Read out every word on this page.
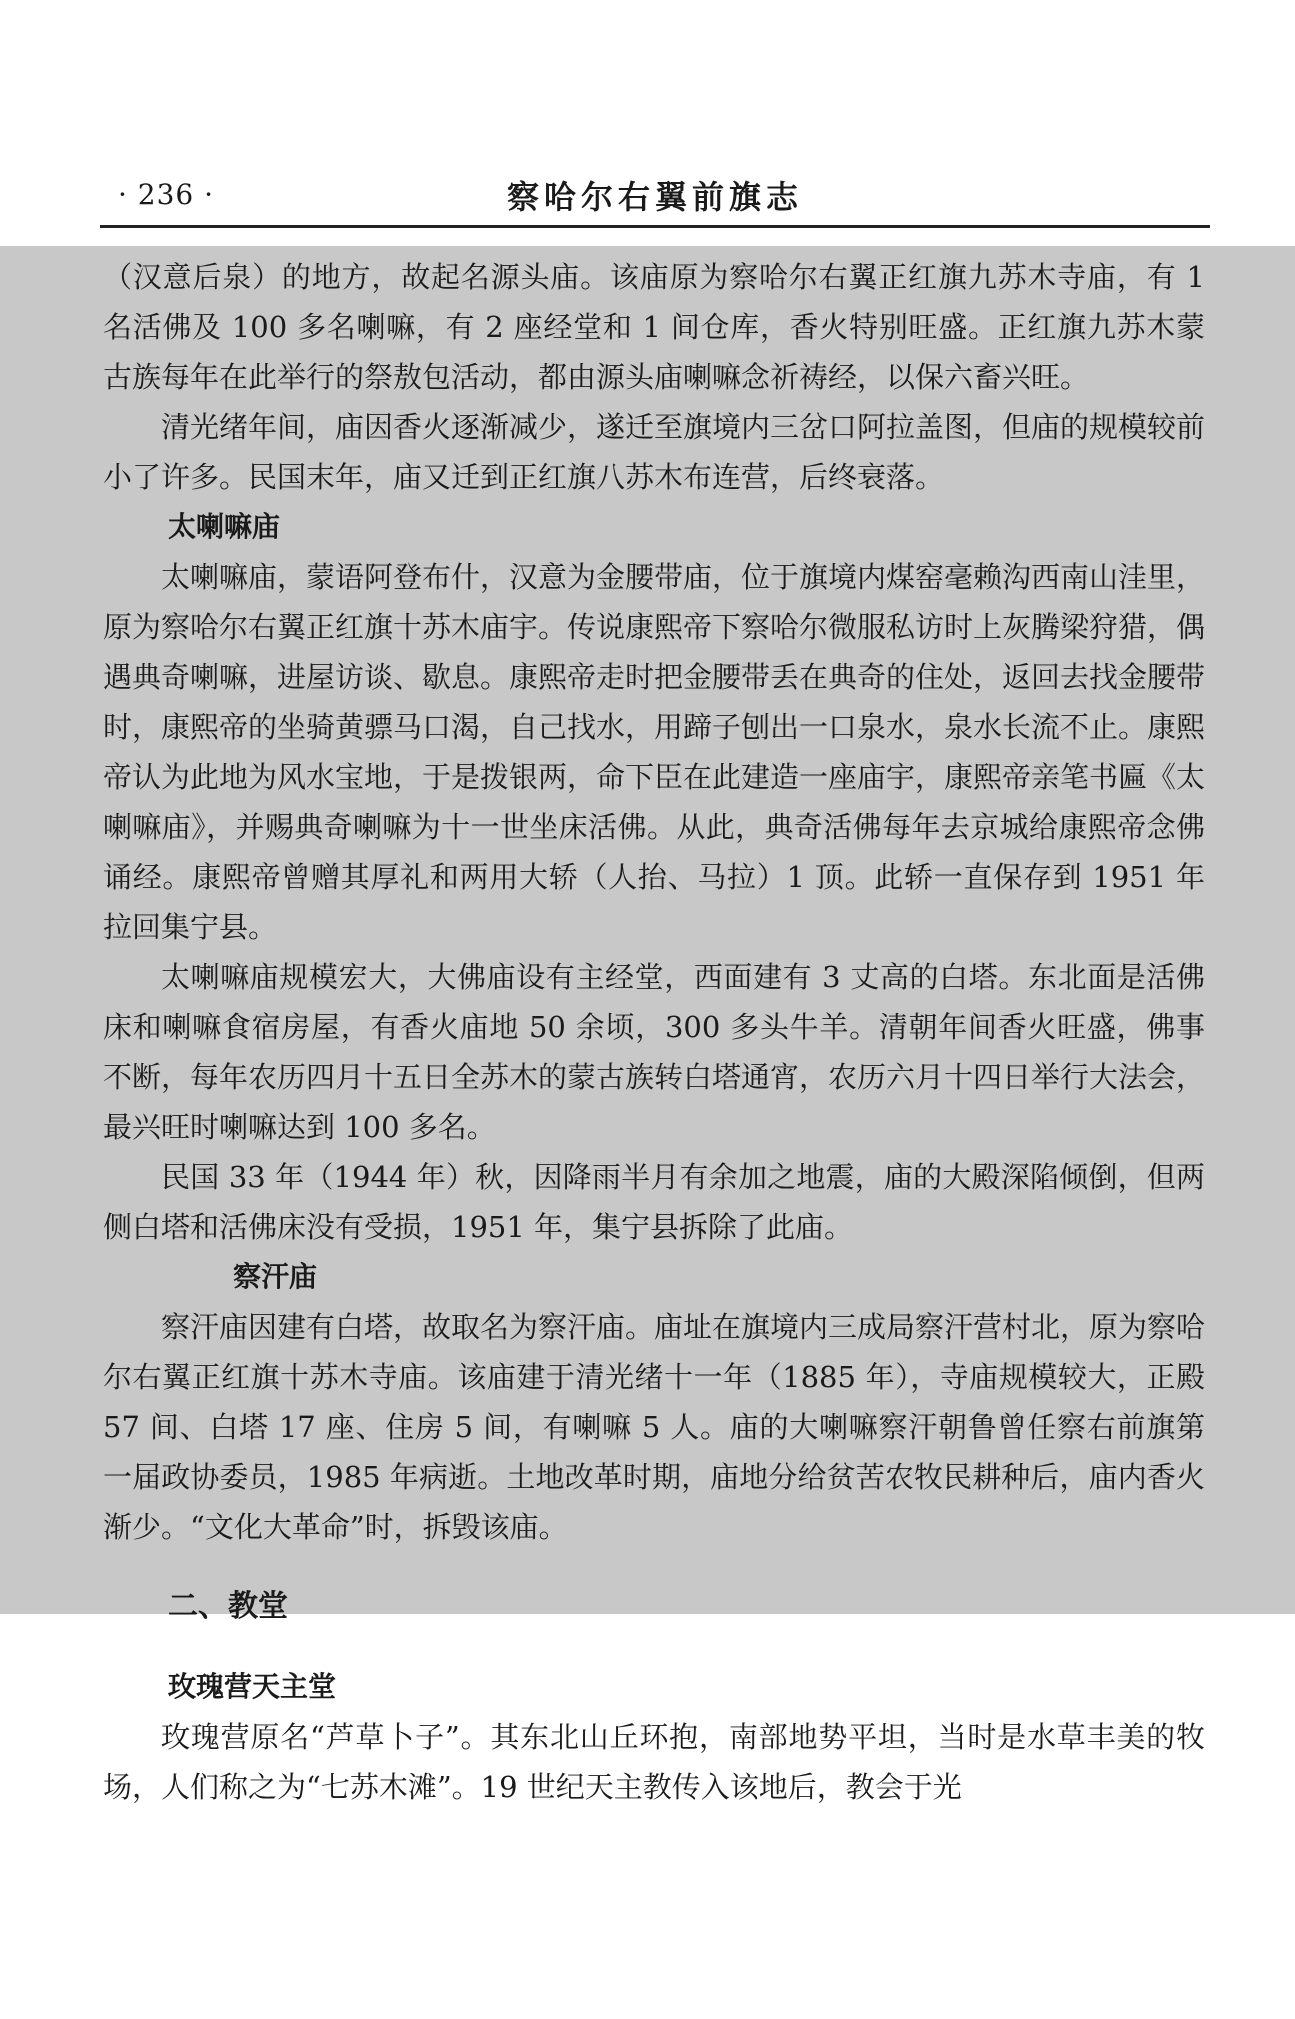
· 236 ·	察哈尔右翼前旗志

（汉意后泉）的地方，故起名源头庙。该庙原为察哈尔右翼正红旗九苏木寺庙，有 1 名活佛及 100 多名喇嘛，有 2 座经堂和 1 间仓库，香火特别旺盛。正红旗九苏木蒙古族每年在此举行的祭敖包活动，都由源头庙喇嘛念祈祷经，以保六畜兴旺。

清光绪年间，庙因香火逐渐减少，遂迁至旗境内三岔口阿拉盖图，但庙的规模较前小了许多。民国末年，庙又迁到正红旗八苏木布连营，后终衰落。

太喇嘛庙

太喇嘛庙，蒙语阿登布什，汉意为金腰带庙，位于旗境内煤窑毫赖沟西南山洼里，原为察哈尔右翼正红旗十苏木庙宇。传说康熙帝下察哈尔微服私访时上灰腾梁狩猎，偶遇典奇喇嘛，进屋访谈、歇息。康熙帝走时把金腰带丢在典奇的住处，返回去找金腰带时，康熙帝的坐骑黄骠马口渴，自己找水，用蹄子刨出一口泉水，泉水长流不止。康熙帝认为此地为风水宝地，于是拨银两，命下臣在此建造一座庙宇，康熙帝亲笔书匾《太喇嘛庙》，并赐典奇喇嘛为十一世坐床活佛。从此，典奇活佛每年去京城给康熙帝念佛诵经。康熙帝曾赠其厚礼和两用大轿（人抬、马拉）1 顶。此轿一直保存到 1951 年拉回集宁县。

太喇嘛庙规模宏大，大佛庙设有主经堂，西面建有 3 丈高的白塔。东北面是活佛床和喇嘛食宿房屋，有香火庙地 50 余顷，300 多头牛羊。清朝年间香火旺盛，佛事不断，每年农历四月十五日全苏木的蒙古族转白塔通宵，农历六月十四日举行大法会，最兴旺时喇嘛达到 100 多名。

民国 33 年（1944 年）秋，因降雨半月有余加之地震，庙的大殿深陷倾倒，但两侧白塔和活佛床没有受损，1951 年，集宁县拆除了此庙。

察汗庙

察汗庙因建有白塔，故取名为察汗庙。庙址在旗境内三成局察汗营村北，原为察哈尔右翼正红旗十苏木寺庙。该庙建于清光绪十一年（1885 年），寺庙规模较大，正殿 57 间、白塔 17 座、住房 5 间，有喇嘛 5 人。庙的大喇嘛察汗朝鲁曾任察右前旗第一届政协委员，1985 年病逝。土地改革时期，庙地分给贫苦农牧民耕种后，庙内香火渐少。“文化大革命”时，拆毁该庙。

二、教堂

玫瑰营天主堂

玫瑰营原名“芦草卜子”。其东北山丘环抱，南部地势平坦，当时是水草丰美的牧场，人们称之为“七苏木滩”。19 世纪天主教传入该地后，教会于光
